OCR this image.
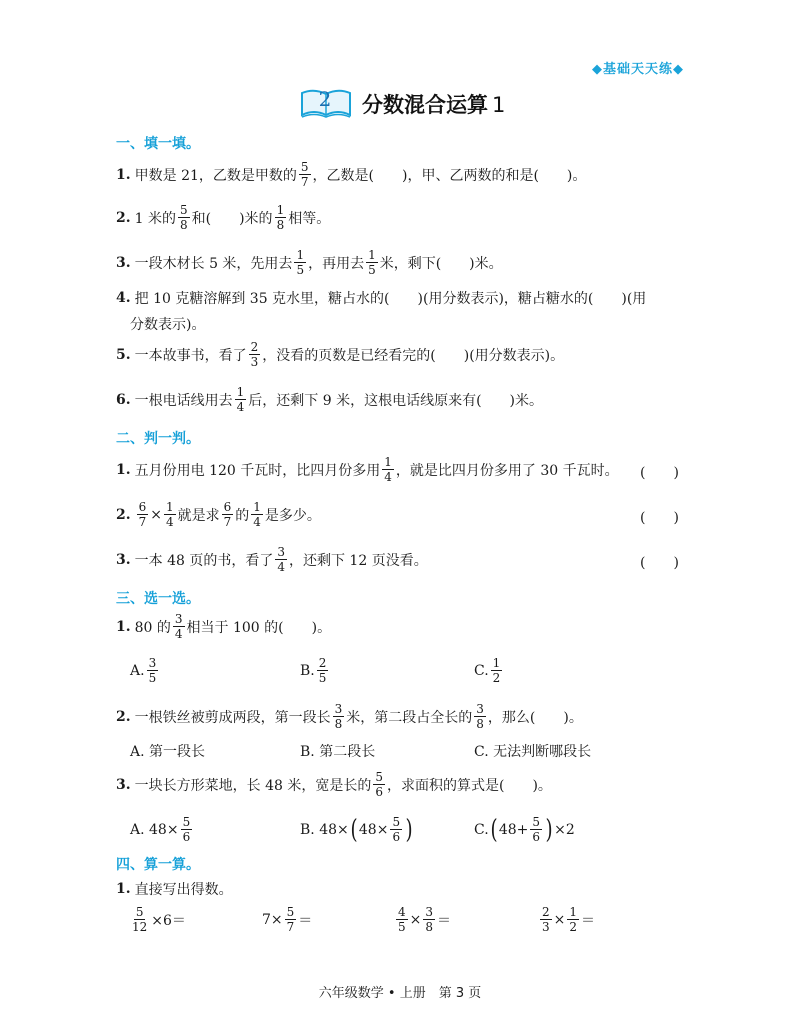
◆基础天天练◆
2	分数混合运算 1
一、填一填。
1. 甲数是 21，乙数是甲数的 $\frac{5}{7}$ ，乙数是(　　)，甲、乙两数的和是(　　)。
2. 1 米的 $\frac{5}{8}$ 和(　　)米的 $\frac{1}{8}$ 相等。
3. 一段木材长 5 米，先用去 $\frac{1}{5}$ ，再用去 $\frac{1}{5}$ 米，剩下(　　)米。
4. 把 10 克糖溶解到 35 克水里，糖占水的(　　)(用分数表示)，糖占糖水的(　　)(用
分数表示)。
5. 一本故事书，看了 $\frac{2}{3}$ ，没看的页数是已经看完的(　　)(用分数表示)。
6. 一根电话线用去 $\frac{1}{4}$ 后，还剩下 9 米，这根电话线原来有(　　)米。
二、判一判。
1. 五月份用电 120 千瓦时，比四月份多用 $\frac{1}{4}$ ，就是比四月份多用了 30 千瓦时。 (　　)
2. $\frac{6}{7} \times \frac{1}{4}$ 就是求 $\frac{6}{7}$ 的 $\frac{1}{4}$ 是多少。	(　　)
3. 一本 48 页的书，看了 $\frac{3}{4}$ ，还剩下 12 页没看。	(　　)
三、选一选。
1. 80 的 $\frac{3}{4}$ 相当于 100 的(　　)。
A. $\frac{3}{5}$	B. $\frac{2}{5}$	C. $\frac{1}{2}$
2. 一根铁丝被剪成两段，第一段长 $\frac{3}{8}$ 米，第二段占全长的 $\frac{3}{8}$ ，那么(　　)。
A. 第一段长	B. 第二段长	C. 无法判断哪段长
3. 一块长方形菜地，长 48 米，宽是长的 $\frac{5}{6}$ ，求面积的算式是(　　)。
A. $48\times \frac{5}{6}$	B. 48× ( $48\times \frac{5}{6}$ )	C. ( $48+ \frac{5}{6}$ ) ×2
四、算一算。
1. 直接写出得数。
$\frac{5}{12} \times 6=$	$7\times \frac{5}{7}$ ＝	$\frac{4}{5} \times \frac{3}{8}$ ＝	$\frac{2}{3} \times \frac{1}{2}$ ＝
六年级数学 • 上册　第 3 页
